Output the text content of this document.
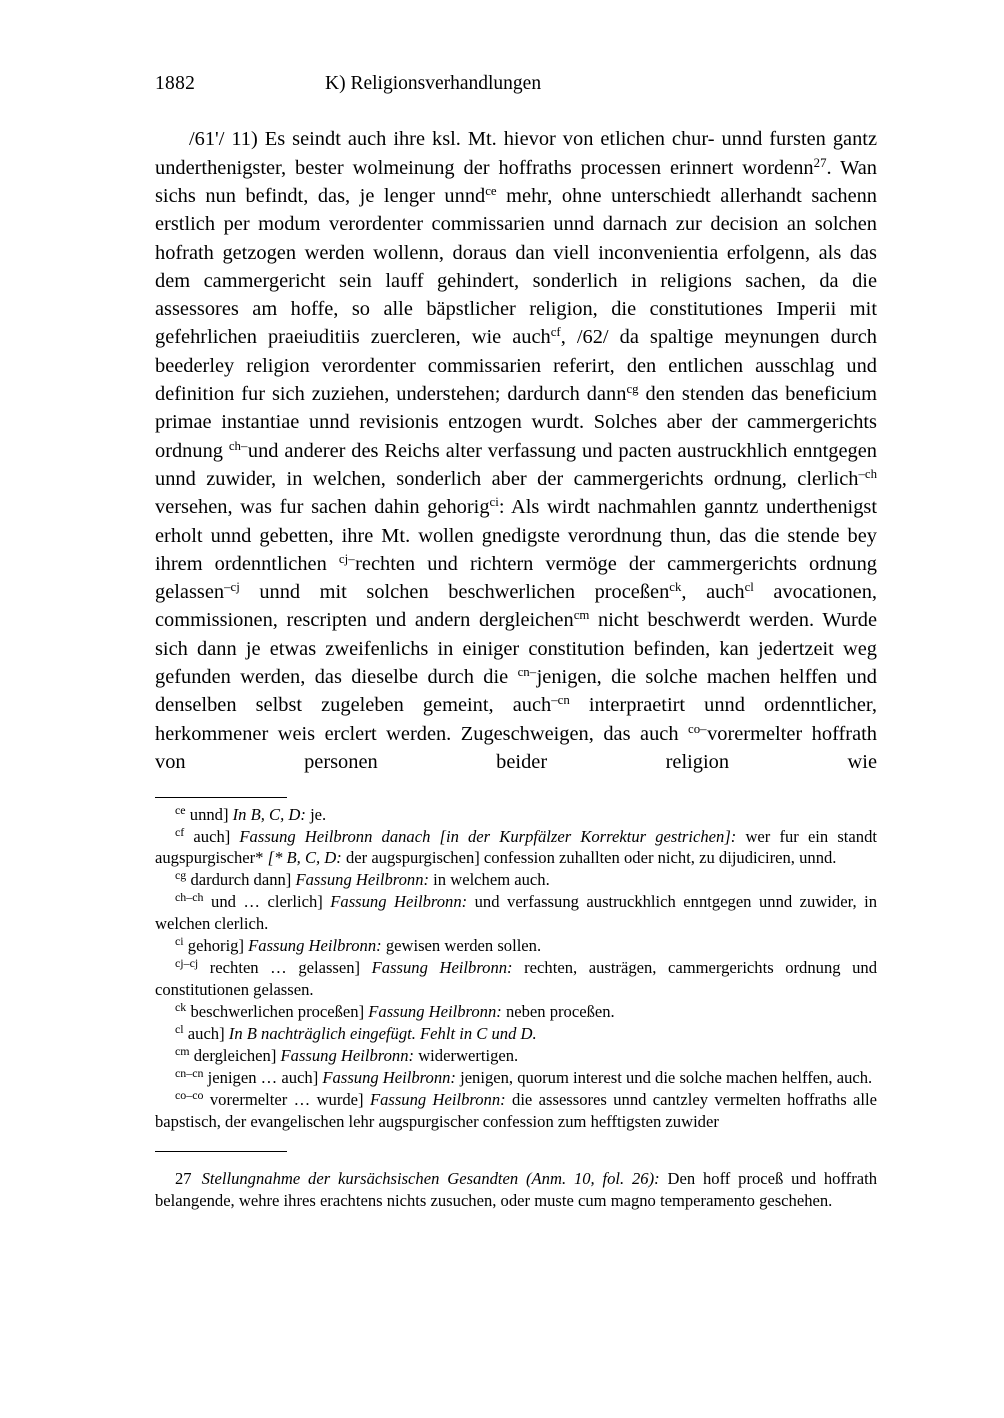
1882	K) Religionsverhandlungen

/61'/ 11) Es seindt auch ihre ksl. Mt. hievor von etlichen chur- unnd fursten gantz underthenigster, bester wolmeinung der hoffraths processen erinnert wordenn$^{27}$. Wan sichs nun befindt, das, je lenger unnd$^{ce}$ mehr, ohne unterschiedt allerhandt sachenn erstlich per modum verordenter commissarien unnd darnach zur decision an solchen hofrath getzogen werden wollenn, doraus dan viell inconvenientia erfolgenn, als das dem cammergericht sein lauff gehindert, sonderlich in religions sachen, da die assessores am hoffe, so alle bäpstlicher religion, die constitutiones Imperii mit gefehrlichen praeiuditiis zuercleren, wie auch$^{cf}$, /62/ da spaltige meynungen durch beederley religion verordenter commissarien referirt, den entlichen ausschlag und definition fur sich zuziehen, understehen; dardurch dann$^{cg}$ den stenden das beneficium primae instantiae unnd revisionis entzogen wurdt. Solches aber der cammergerichts ordnung $^{ch-}$und anderer des Reichs alter verfassung und pacten austruckhlich enntgegen unnd zuwider, in welchen, sonderlich aber der cammergerichts ordnung, clerlich$^{-ch}$ versehen, was fur sachen dahin gehorig$^{ci}$: Als wirdt nachmahlen ganntz underthenigst erholt unnd gebetten, ihre Mt. wollen gnedigste verordnung thun, das die stende bey ihrem ordenntlichen $^{cj-}$rechten und richtern vermöge der cammergerichts ordnung gelassen$^{-cj}$ unnd mit solchen beschwerlichen proceßen$^{ck}$, auch$^{cl}$ avocationen, commissionen, rescripten und andern dergleichen$^{cm}$ nicht beschwerdt werden. Wurde sich dann je etwas zweifenlichs in einiger constitution befinden, kan jedertzeit weg gefunden werden, das dieselbe durch die $^{cn-}$jenigen, die solche machen helffen und denselben selbst zugeleben gemeint, auch$^{-cn}$ interpraetirt unnd ordenntlicher, herkommener weis erclert werden. Zugeschweigen, das auch $^{co-}$vorermelter hoffrath von personen beider religion wie

$^{ce}$ unnd] In B, C, D: je.

$^{cf}$ auch] Fassung Heilbronn danach [in der Kurpfälzer Korrektur gestrichen]: wer fur ein standt augspurgischer* [* B, C, D: der augspurgischen] confession zuhallten oder nicht, zu dijudiciren, unnd.

$^{cg}$ dardurch dann] Fassung Heilbronn: in welchem auch.

$^{ch-ch}$ und … clerlich] Fassung Heilbronn: und verfassung austruckhlich enntgegen unnd zuwider, in welchen clerlich.

$^{ci}$ gehorig] Fassung Heilbronn: gewisen werden sollen.

$^{cj-cj}$ rechten … gelassen] Fassung Heilbronn: rechten, austrägen, cammergerichts ordnung und constitutionen gelassen.

$^{ck}$ beschwerlichen proceßen] Fassung Heilbronn: neben proceßen.

$^{cl}$ auch] In B nachträglich eingefügt. Fehlt in C und D.

$^{cm}$ dergleichen] Fassung Heilbronn: widerwertigen.

$^{cn-cn}$ jenigen … auch] Fassung Heilbronn: jenigen, quorum interest und die solche machen helffen, auch.

$^{co-co}$ vorermelter … wurde] Fassung Heilbronn: die assessores unnd cantzley vermelten hoffraths alle bapstisch, der evangelischen lehr augspurgischer confession zum hefftigsten zuwider

27 Stellungnahme der kursächsischen Gesandten (Anm. 10, fol. 26): Den hoff proceß und hoffrath belangende, wehre ihres erachtens nichts zusuchen, oder muste cum magno temperamento geschehen.
